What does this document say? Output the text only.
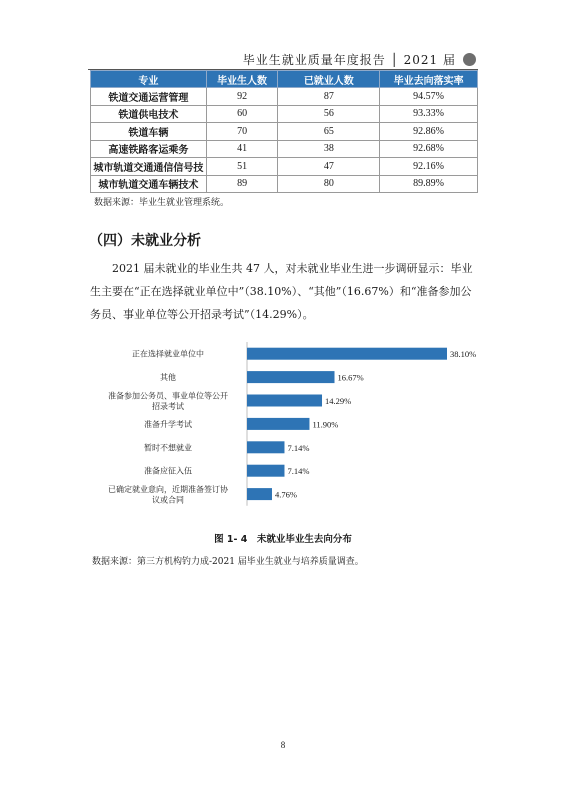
毕业生就业质量年度报告 │ 2021 届
专业	毕业生人数	已就业人数	毕业去向落实率
铁道交通运营管理	92	87	94.57%
铁道供电技术	60	56	93.33%
铁道车辆	70	65	92.86%
高速铁路客运乘务	41	38	92.68%
城市轨道交通通信信号技	51	47	92.16%
城市轨道交通车辆技术	89	80	89.89%
数据来源：毕业生就业管理系统。
（四）未就业分析

2021 届未就业的毕业生共 47 人，对未就业毕业生进一步调研显示：毕业生主要在“正在选择就业单位中”（38.10%）、“其他”（16.67%）和“准备参加公务员、事业单位等公开招录考试”（14.29%）。

38.10%
正在选择就业单位中
16.67%
其他
14.29%
准备参加公务员、事业单位等公开招录考试
11.90%
准备升学考试
7.14%
暂时不想就业
7.14%
准备应征入伍
4.76%
已确定就业意向，近期准备签订协议或合同
图 1- 4　未就业毕业生去向分布
数据来源：第三方机构钓力成-2021 届毕业生就业与培养质量调查。
8
